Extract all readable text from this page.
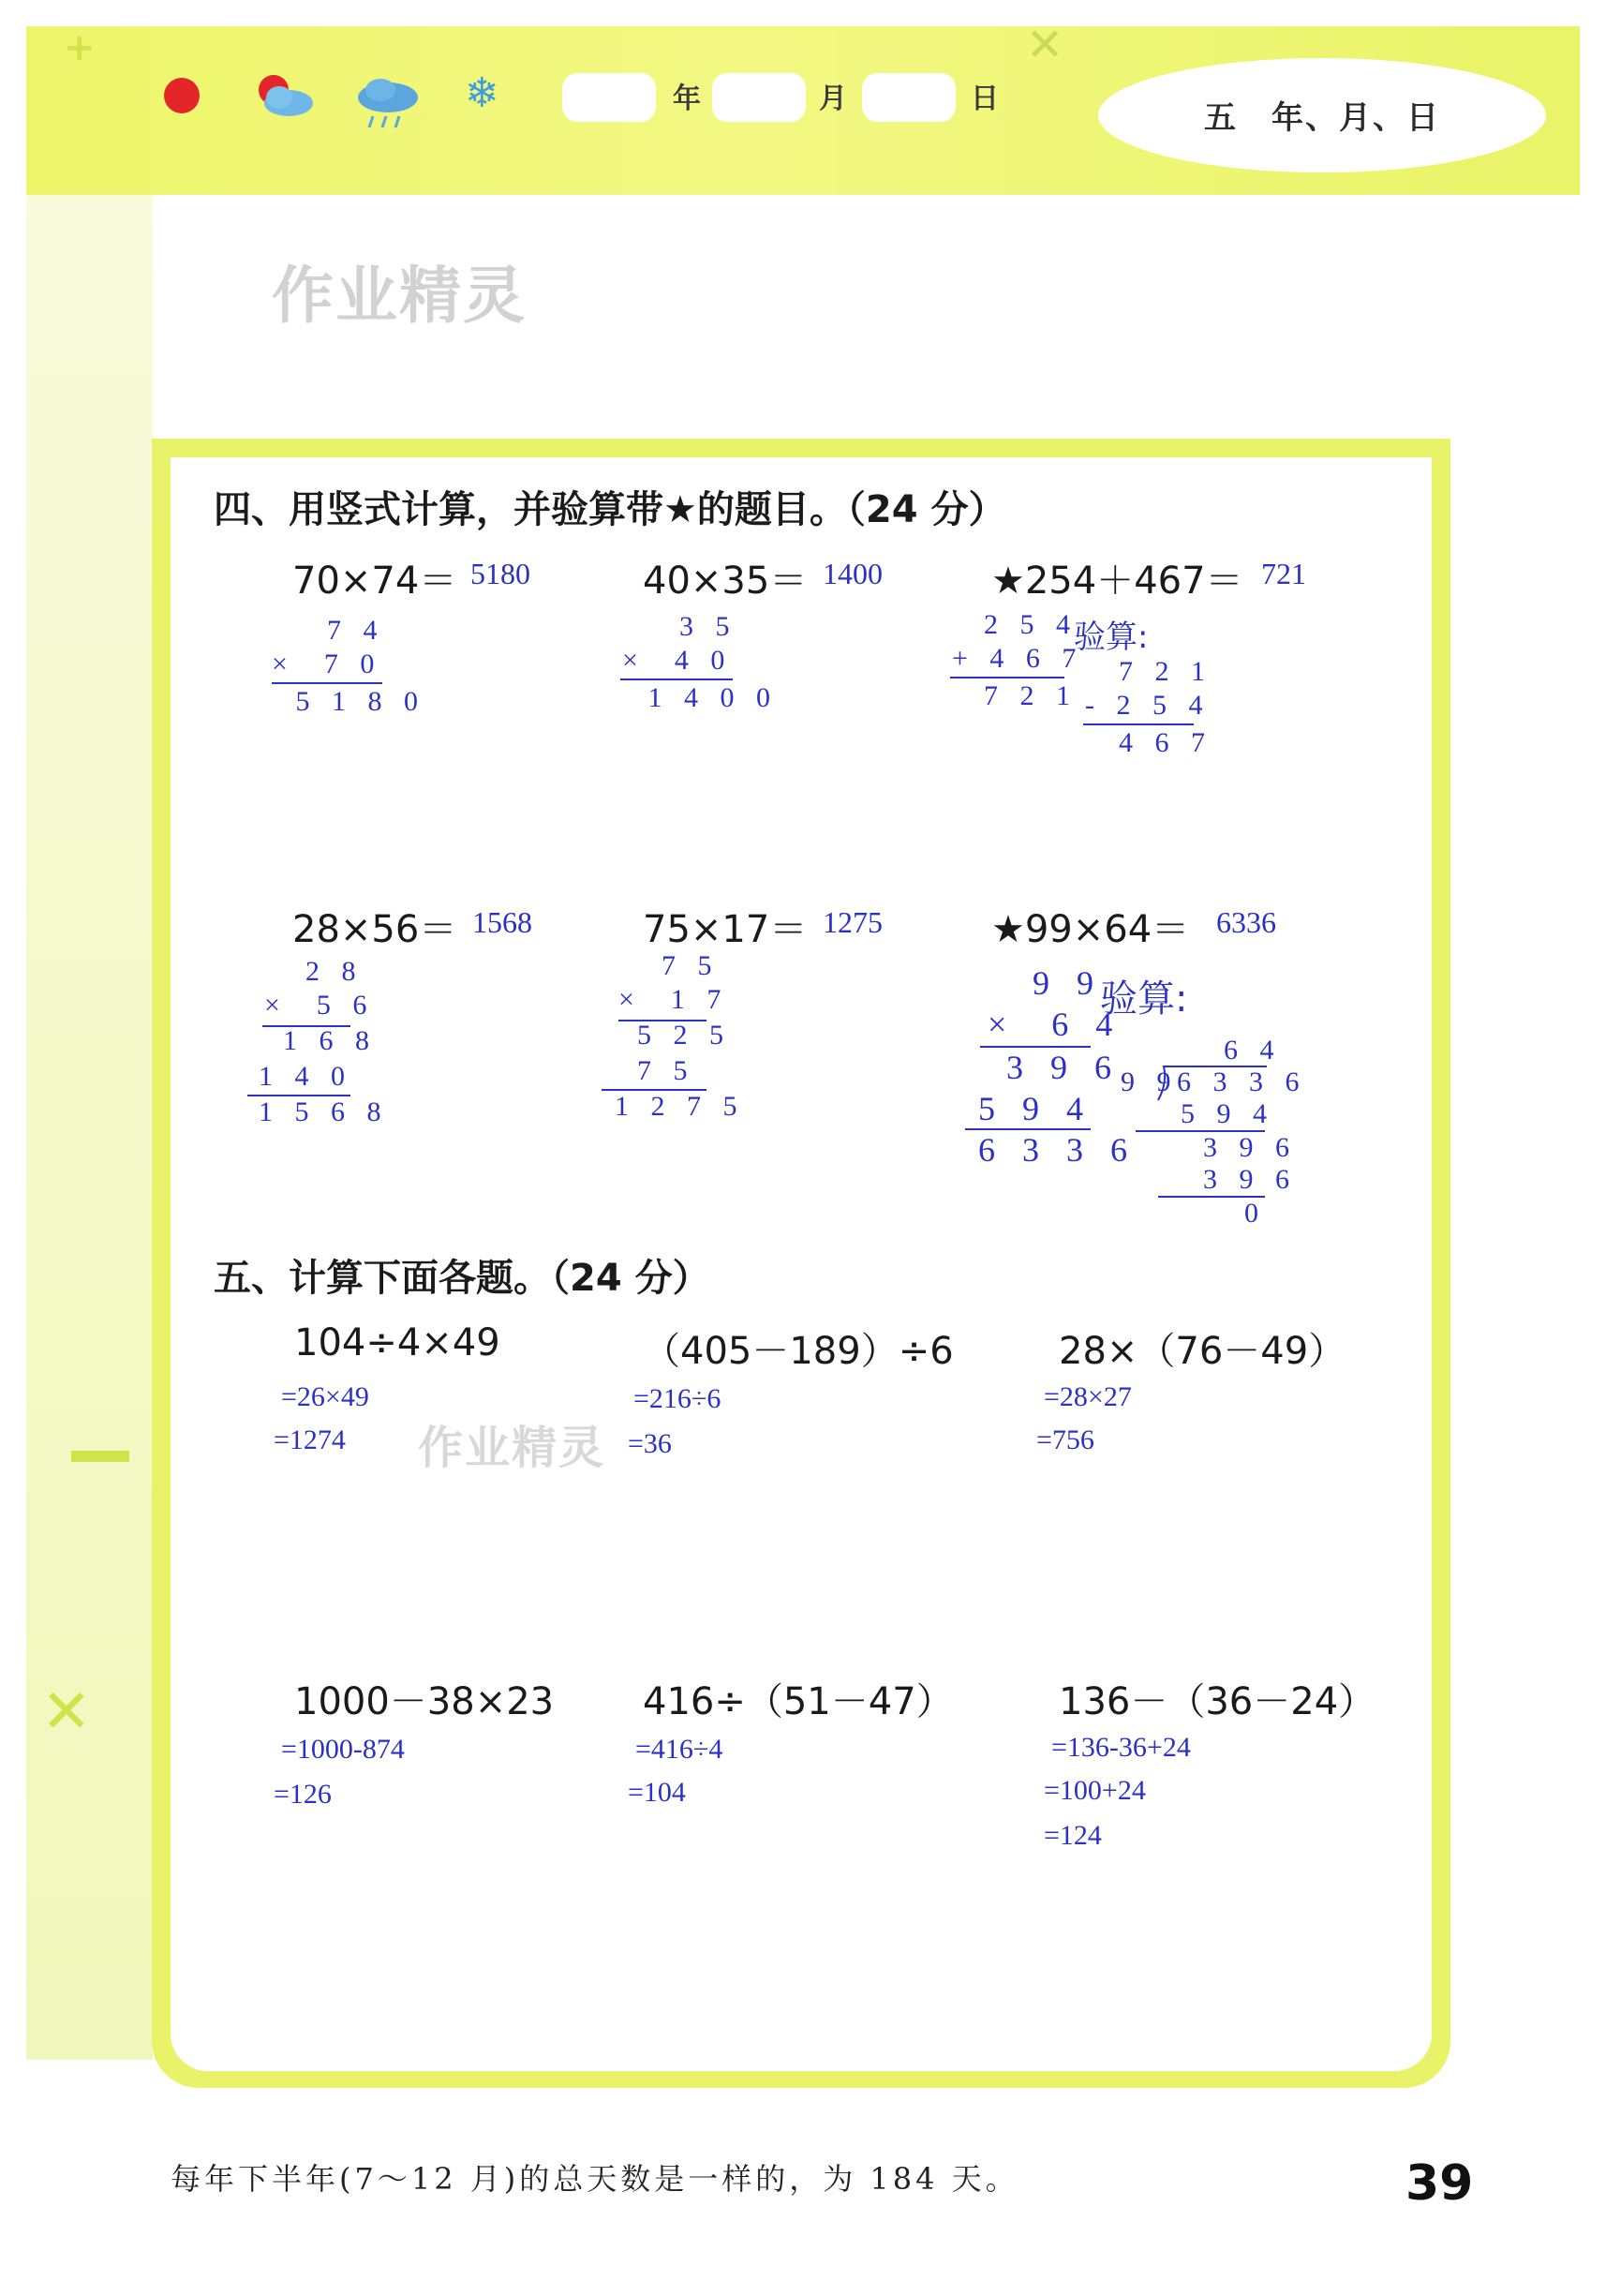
+	✕
❄	年	月	日
五　年、月、日
作业精灵
✕
四、用竖式计算，并验算带★的题目。（24 分）
70×74＝ 5180	40×35＝ 1400	★254＋467＝ 721
7 4
×  7 0
5 1 8 0
3 5
×  4 0
1 4 0 0
2 5 4
+ 4 6 7
7 2 1
验算:
7 2 1
- 2 5 4
4 6 7
28×56＝ 1568	75×17＝ 1275	★99×64＝ 6336
2 8
×  5 6
1 6 8
1 4 0
1 5 6 8
7 5
×  1 7
5 2 5
7 5
1 2 7 5
9 9
×  6 4
3 9 6
5 9 4
6 3 3 6
验算:
6 4
9 9
6 3 3 6
5 9 4
3 9 6
3 9 6
0
五、计算下面各题。（24 分）
104÷4×49
=26×49
=1274
（405－189）÷6
=216÷6
=36
28×（76－49）
=28×27
=756
作业精灵
1000－38×23
=1000-874
=126
416÷（51－47）
=416÷4
=104
136－（36－24）
=136-36+24
=100+24
=124
每年下半年(7～12 月)的总天数是一样的，为 184 天。	39
